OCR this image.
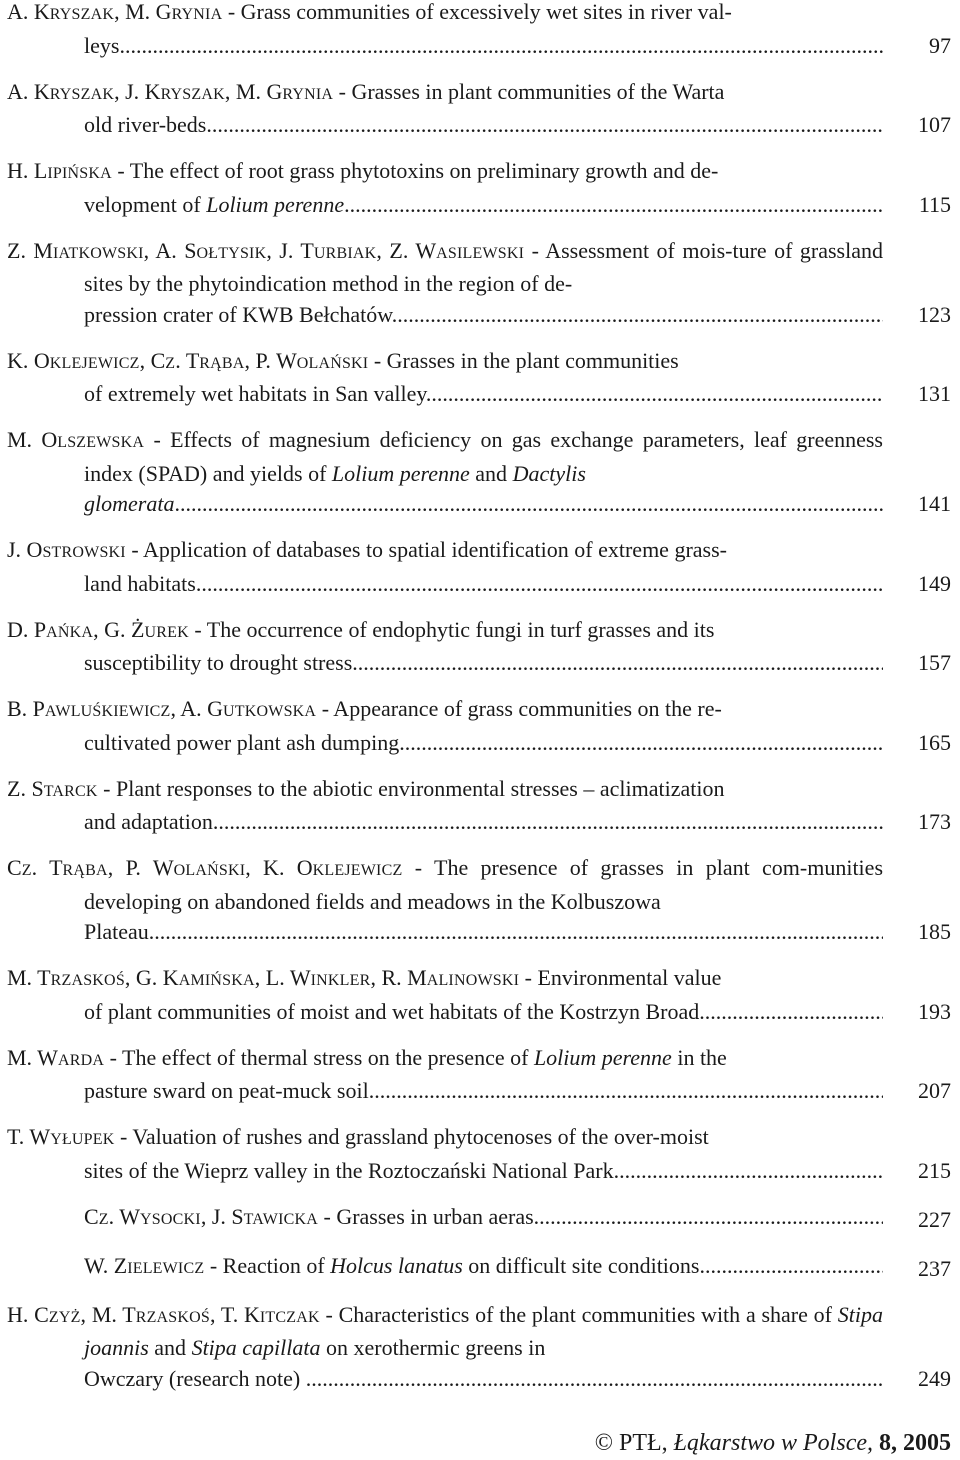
A. KRYSZAK, M. GRYNIA - Grass communities of excessively wet sites in river val-
leys .....	97
A. KRYSZAK, J. KRYSZAK, M. GRYNIA - Grasses in plant communities of the Warta
old river-beds .....	107
H. LIPIŃSKA - The effect of root grass phytotoxins on preliminary growth and de-
velopment of Lolium perenne .....	115
Z. MIATKOWSKI, A. SOŁTYSIK, J. TURBIAK, Z. WASILEWSKI - Assessment of mois-ture of grassland sites by the phytoindication method in the region of de-
pression crater of KWB Bełchatów .....	123
K. OKLEJEWICZ, CZ. TRĄBA, P. WOLAŃSKI - Grasses in the plant communities
of extremely wet habitats in San valley .....	131
M. OLSZEWSKA - Effects of magnesium deficiency on gas exchange parameters, leaf greenness index (SPAD) and yields of Lolium perenne and Dactylis
glomerata .....	141
J. OSTROWSKI - Application of databases to spatial identification of extreme grass-
land habitats .....	149
D. PAŃKA, G. ŻUREK - The occurrence of endophytic fungi in turf grasses and its
susceptibility to drought stress .....	157
B. PAWLUŚKIEWICZ, A. GUTKOWSKA - Appearance of grass communities on the re-
cultivated power plant ash dumping .....	165
Z. STARCK - Plant responses to the abiotic environmental stresses – aclimatization
and adaptation .....	173
CZ. TRĄBA, P. WOLAŃSKI, K. OKLEJEWICZ - The presence of grasses in plant com-munities developing on abandoned fields and meadows in the Kolbuszowa
Plateau .....	185
M. TRZASKOŚ, G. KAMIŃSKA, L. WINKLER, R. MALINOWSKI - Environmental value
of plant communities of moist and wet habitats of the Kostrzyn Broad .....	193
M. WARDA - The effect of thermal stress on the presence of Lolium perenne in the
pasture sward on peat-muck soil .....	207
T. WYŁUPEK - Valuation of rushes and grassland phytocenoses of the over-moist
sites of the Wieprz valley in the Roztoczański National Park .....	215
CZ. WYSOCKI, J. STAWICKA - Grasses in urban aeras .....	227
W. ZIELEWICZ - Reaction of Holcus lanatus on difficult site conditions .....	237
H. CZYŻ, M. TRZASKOŚ, T. KITCZAK - Characteristics of the plant communities with a share of Stipa joannis and Stipa capillata on xerothermic greens in
Owczary (research note) .....	249
© PTŁ, Łąkarstwo w Polsce, 8, 2005
